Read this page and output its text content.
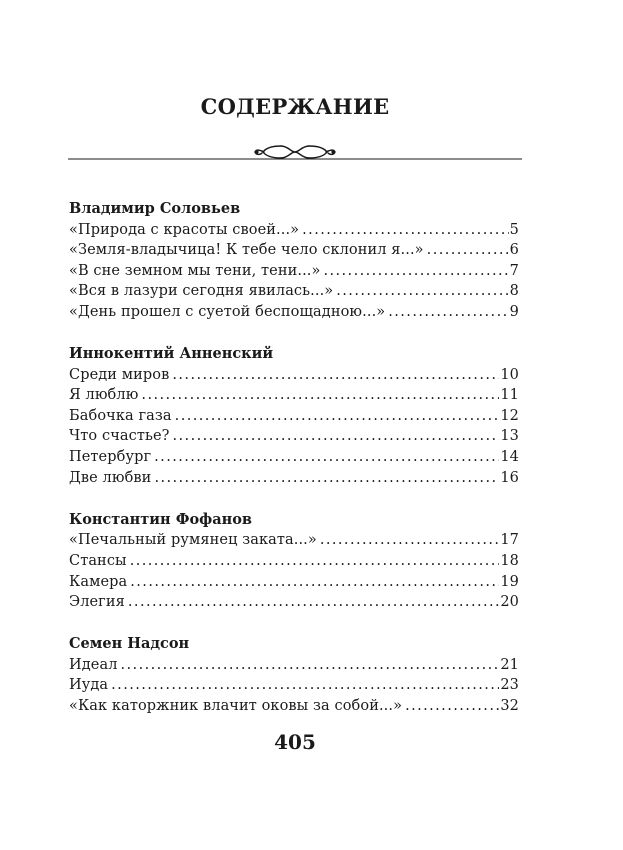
СОДЕРЖАНИЕ
Владимир Соловьев
«Природа с красоты своей...» . . .	5
«Земля-владычица! К тебе чело склонил я...» . . .	6
«В сне земном мы тени, тени...» . . .	7
«Вся в лазури сегодня явилась...» . . .	8
«День прошел с суетой беспощадною...» . . .	9
Иннокентий Анненский
Среди миров . . .	10
Я люблю . . .	11
Бабочка газа . . .	12
Что счастье? . . .	13
Петербург . . .	14
Две любви . . .	16
Константин Фофанов
«Печальный румянец заката...» . . .	17
Стансы . . .	18
Камера . . .	19
Элегия . . .	20
Семен Надсон
Идеал . . .	21
Иуда . . .	23
«Как каторжник влачит оковы за собой...» . . .	32
405
